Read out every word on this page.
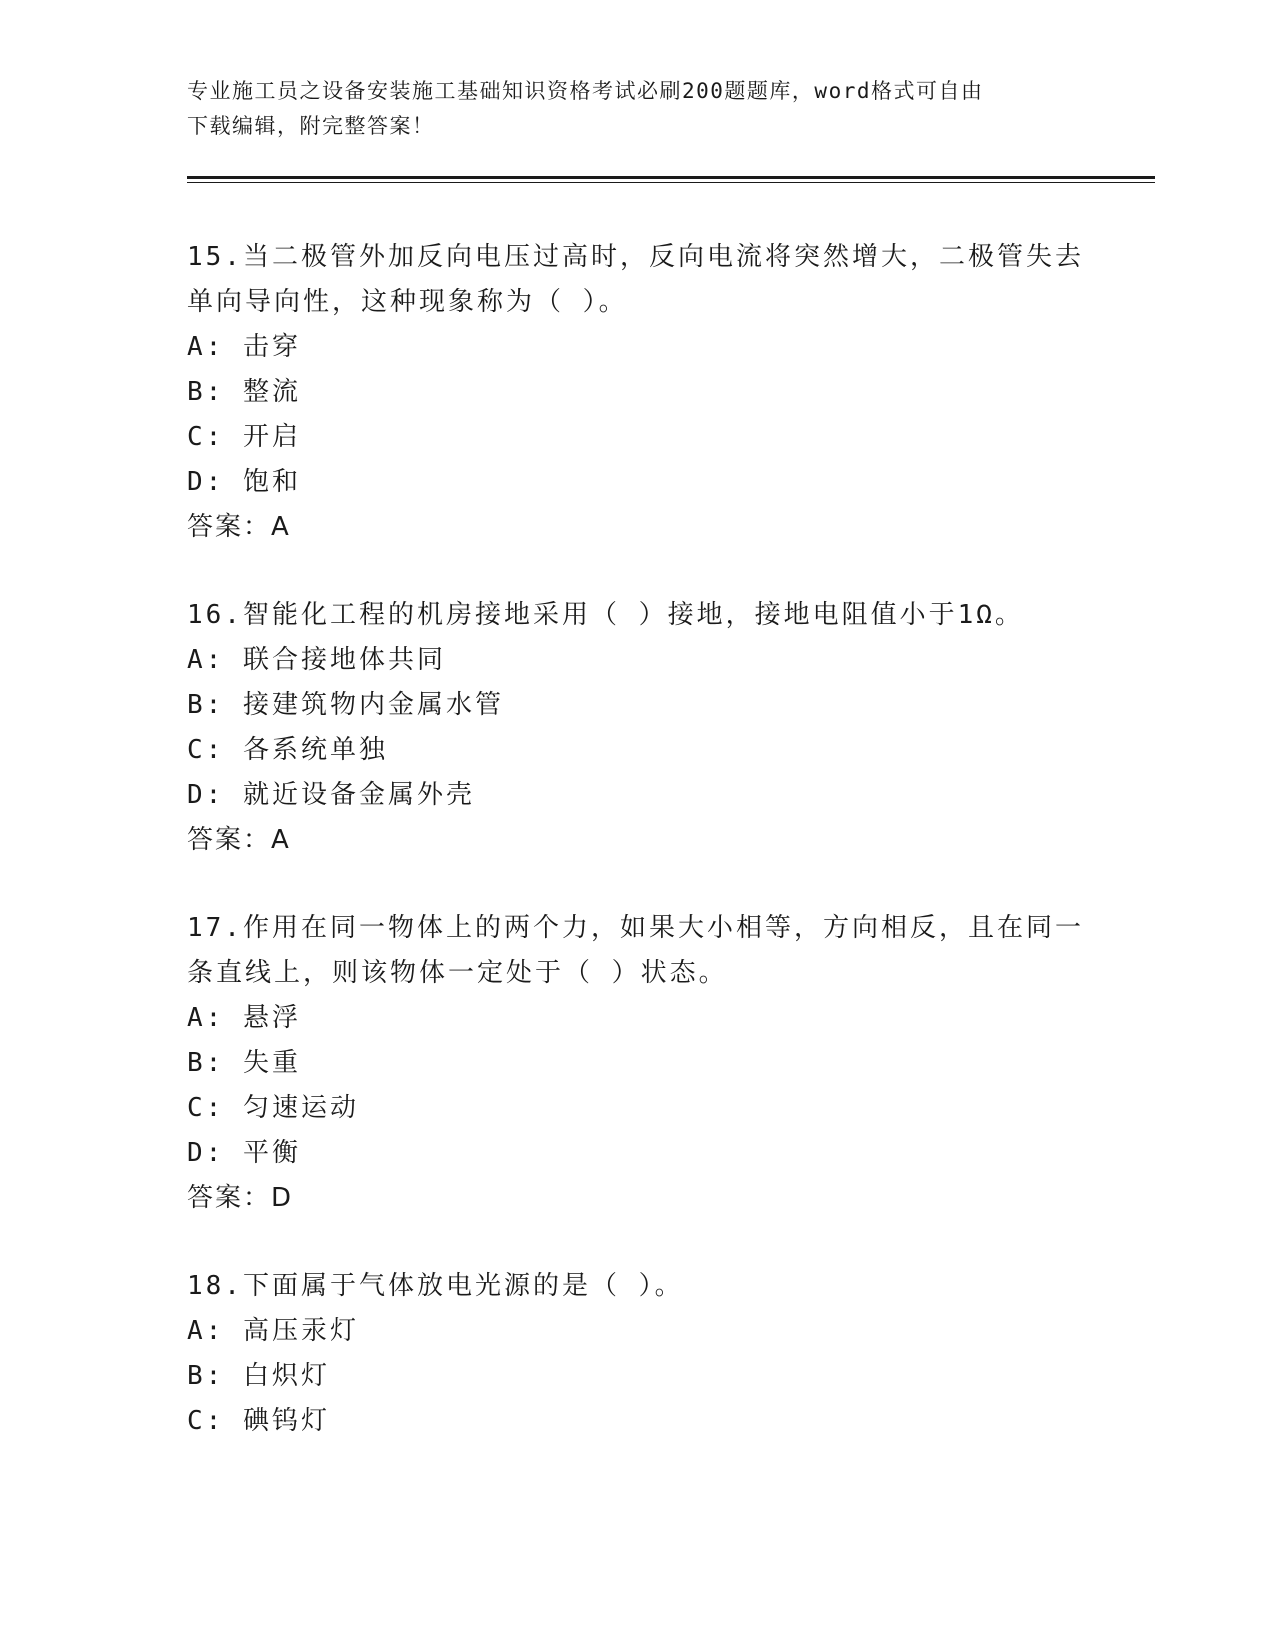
专业施工员之设备安装施工基础知识资格考试必刷200题题库，word格式可自由
下载编辑，附完整答案！

15.当二极管外加反向电压过高时，反向电流将突然增大，二极管失去

单向导向性，这种现象称为（ ）。

A: 击穿

B: 整流

C: 开启

D: 饱和

答案：A

16.智能化工程的机房接地采用（ ）接地，接地电阻值小于1Ω。

A: 联合接地体共同

B: 接建筑物内金属水管

C: 各系统单独

D: 就近设备金属外壳

答案：A

17.作用在同一物体上的两个力，如果大小相等，方向相反，且在同一

条直线上，则该物体一定处于（ ）状态。

A: 悬浮

B: 失重

C: 匀速运动

D: 平衡

答案：D

18.下面属于气体放电光源的是（ ）。

A: 高压汞灯

B: 白炽灯

C: 碘钨灯
